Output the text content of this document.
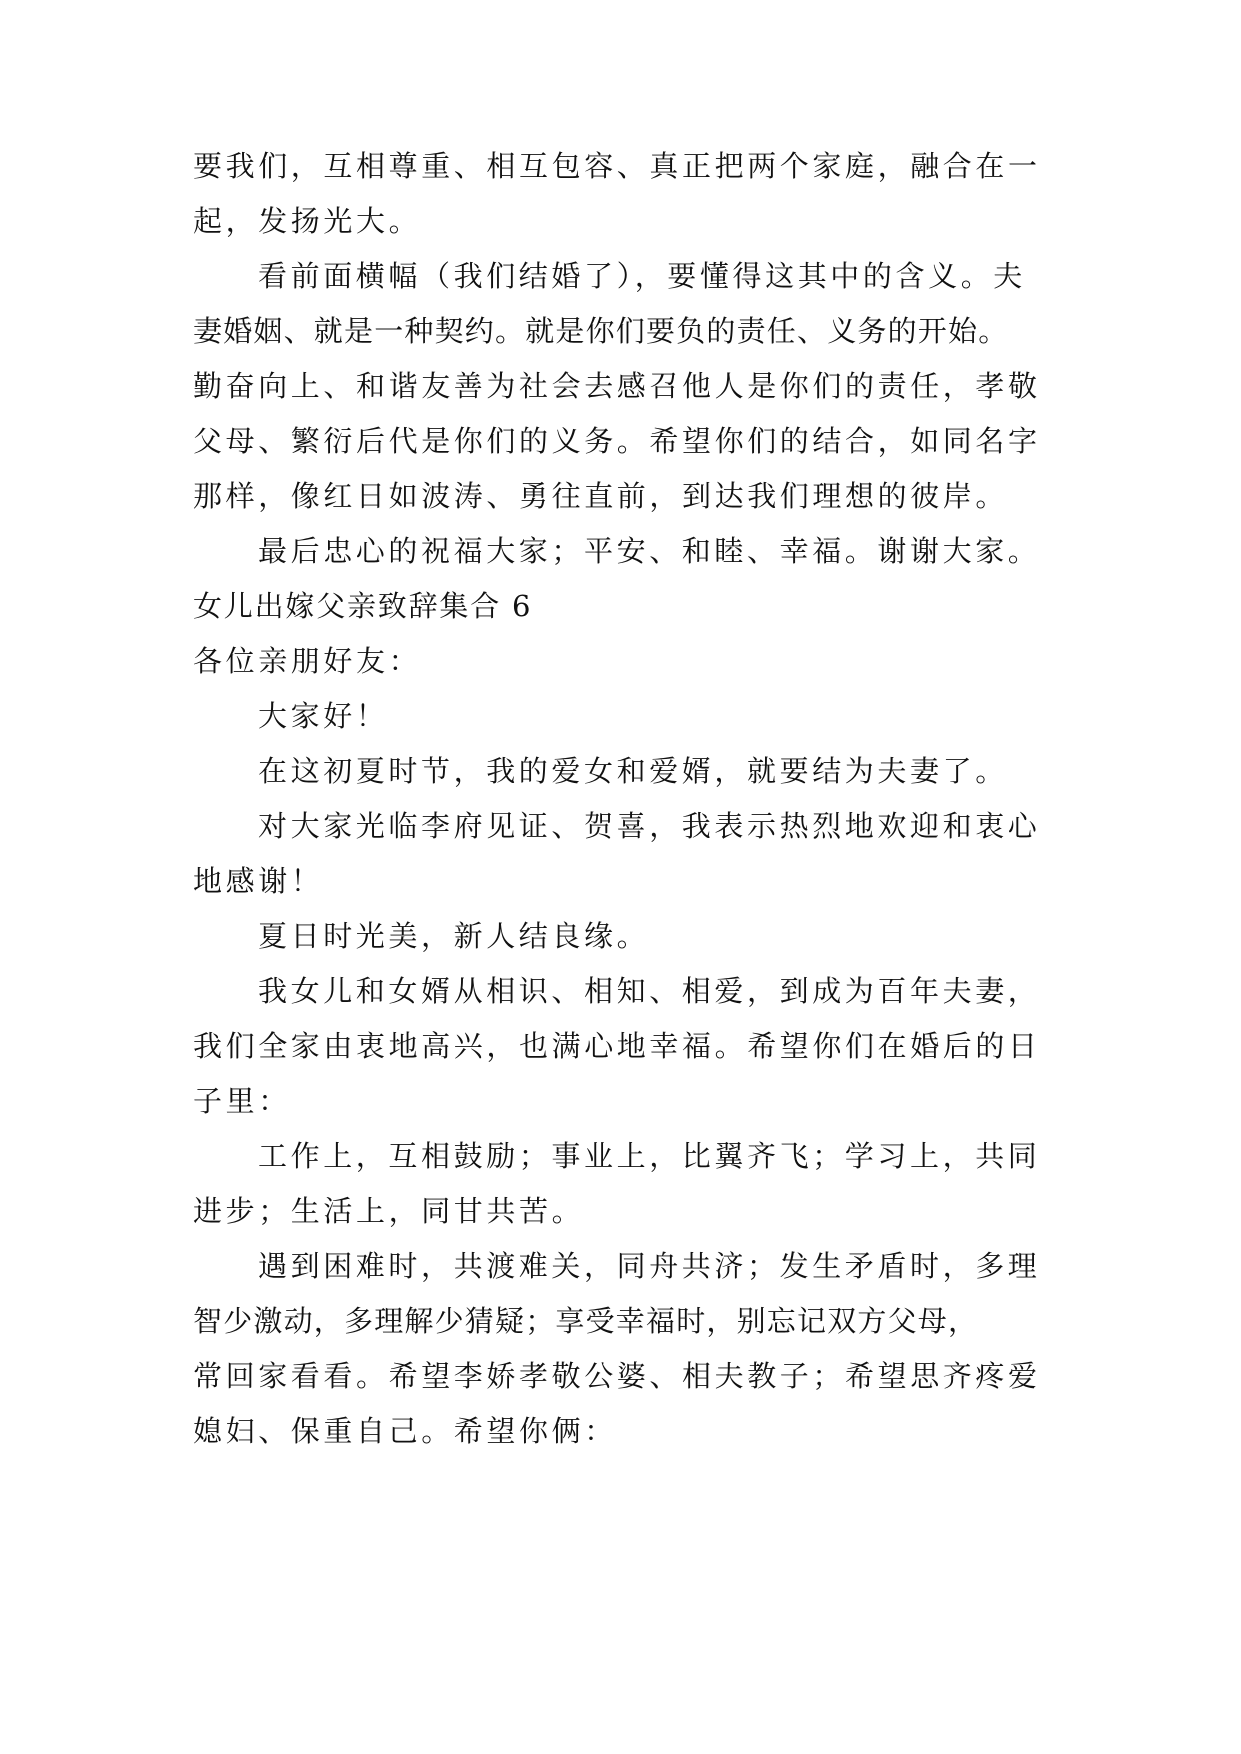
要我们，互相尊重、相互包容、真正把两个家庭，融合在一
起，发扬光大。
看前面横幅（我们结婚了），要懂得这其中的含义。夫
妻婚姻、就是一种契约。就是你们要负的责任、义务的开始。
勤奋向上、和谐友善为社会去感召他人是你们的责任，孝敬
父母、繁衍后代是你们的义务。希望你们的结合，如同名字
那样，像红日如波涛、勇往直前，到达我们理想的彼岸。
最后忠心的祝福大家；平安、和睦、幸福。谢谢大家。
女儿出嫁父亲致辞集合 6
各位亲朋好友：
大家好！
在这初夏时节，我的爱女和爱婿，就要结为夫妻了。
对大家光临李府见证、贺喜，我表示热烈地欢迎和衷心
地感谢！
夏日时光美，新人结良缘。
我女儿和女婿从相识、相知、相爱，到成为百年夫妻，
我们全家由衷地高兴，也满心地幸福。希望你们在婚后的日
子里：
工作上，互相鼓励；事业上，比翼齐飞；学习上，共同
进步；生活上，同甘共苦。
遇到困难时，共渡难关，同舟共济；发生矛盾时，多理
智少激动，多理解少猜疑；享受幸福时，别忘记双方父母，
常回家看看。希望李娇孝敬公婆、相夫教子；希望思齐疼爱
媳妇、保重自己。希望你俩：
